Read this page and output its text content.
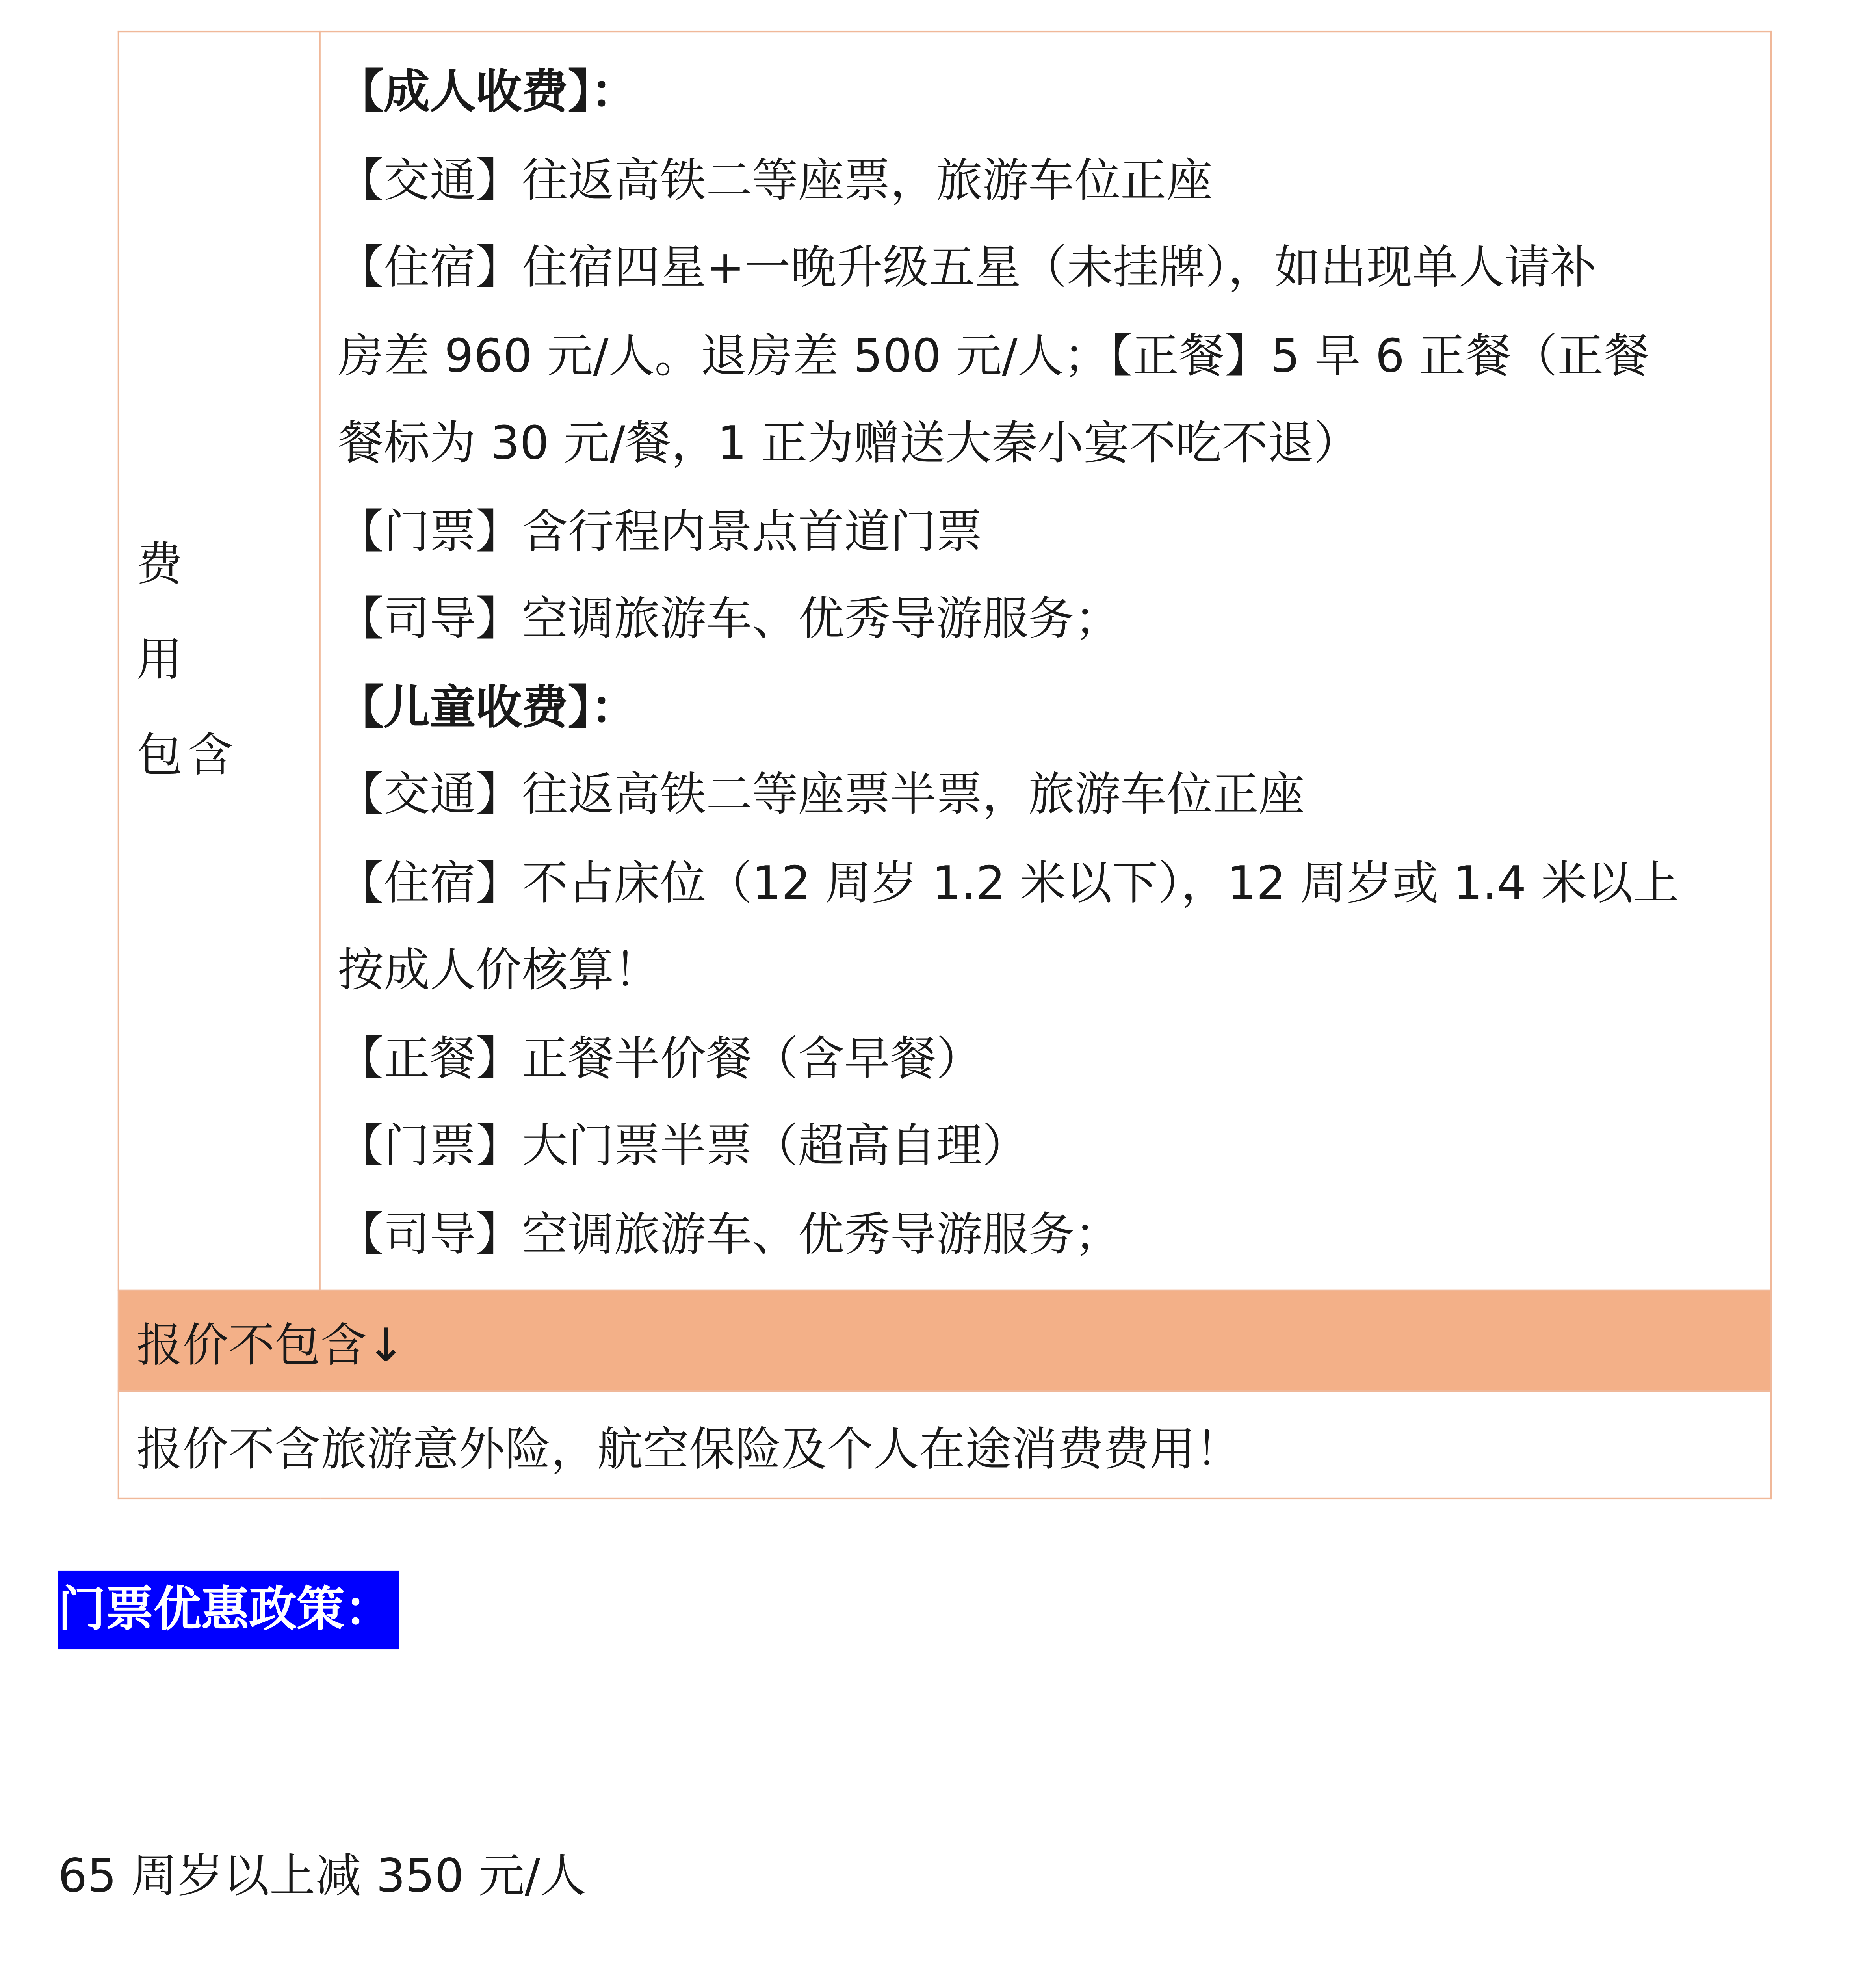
费　用
包含

【成人收费】：
【交通】往返高铁二等座票，旅游车位正座
【住宿】住宿四星+一晚升级五星（未挂牌），如出现单人请补
房差 960 元/人。退房差 500 元/人；【正餐】5 早 6 正餐（正餐
餐标为 30 元/餐，1 正为赠送大秦小宴不吃不退）
【门票】含行程内景点首道门票
【司导】空调旅游车、优秀导游服务；
【儿童收费】：
【交通】往返高铁二等座票半票，旅游车位正座
【住宿】不占床位（12 周岁 1.2 米以下），12 周岁或 1.4 米以上
按成人价核算！
【正餐】正餐半价餐（含早餐）
【门票】大门票半票（超高自理）
【司导】空调旅游车、优秀导游服务；

报价不包含↓
报价不含旅游意外险，航空保险及个人在途消费费用！
门票优惠政策：

65 周岁以上减 350 元/人
